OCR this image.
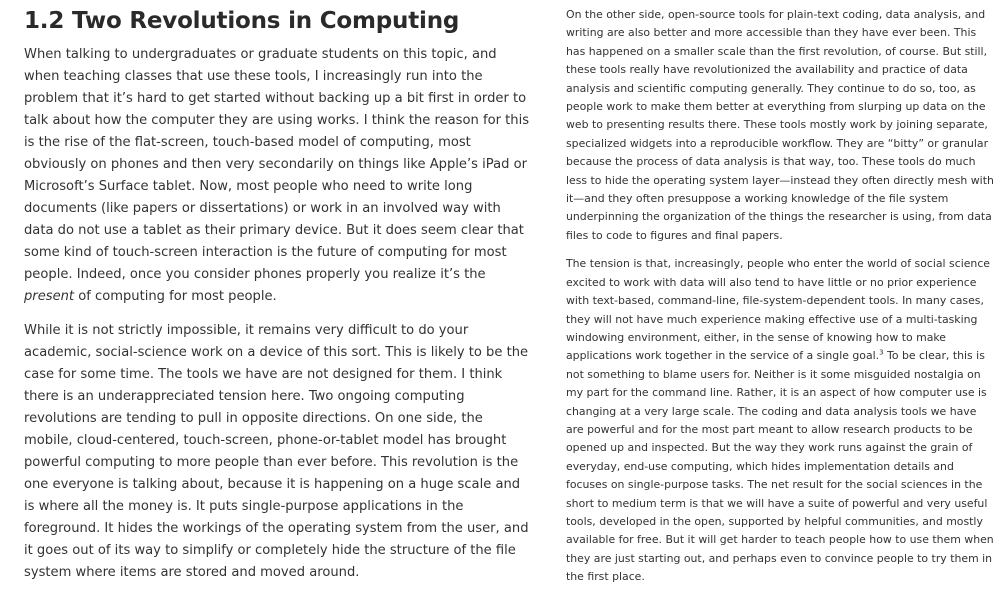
1.2 Two Revolutions in Computing

When talking to undergraduates or graduate students on this topic, and when teaching classes that use these tools, I increasingly run into the problem that it’s hard to get started without backing up a bit first in order to talk about how the computer they are using works. I think the reason for this is the rise of the flat-screen, touch-based model of computing, most obviously on phones and then very secondarily on things like Apple’s iPad or Microsoft’s Surface tablet. Now, most people who need to write long documents (like papers or dissertations) or work in an involved way with data do not use a tablet as their primary device. But it does seem clear that some kind of touch-screen interaction is the future of computing for most people. Indeed, once you consider phones properly you realize it’s the present of computing for most people.

While it is not strictly impossible, it remains very difficult to do your academic, social-science work on a device of this sort. This is likely to be the case for some time. The tools we have are not designed for them. I think there is an underappreciated tension here. Two ongoing computing revolutions are tending to pull in opposite directions. On one side, the mobile, cloud-centered, touch-screen, phone-or-tablet model has brought powerful computing to more people than ever before. This revolution is the one everyone is talking about, because it is happening on a huge scale and is where all the money is. It puts single-purpose applications in the foreground. It hides the workings of the operating system from the user, and it goes out of its way to simplify or completely hide the structure of the file system where items are stored and moved around.

On the other side, open-source tools for plain-text coding, data analysis, and writing are also better and more accessible than they have ever been. This has happened on a smaller scale than the first revolution, of course. But still, these tools really have revolutionized the availability and practice of data analysis and scientific computing generally. They continue to do so, too, as people work to make them better at everything from slurping up data on the web to presenting results there. These tools mostly work by joining separate, specialized widgets into a reproducible workflow. They are “bitty” or granular because the process of data analysis is that way, too. These tools do much less to hide the operating system layer—instead they often directly mesh with it—and they often presuppose a working knowledge of the file system underpinning the organization of the things the researcher is using, from data files to code to figures and final papers.

The tension is that, increasingly, people who enter the world of social science excited to work with data will also tend to have little or no prior experience with text-based, command-line, file-system-dependent tools. In many cases, they will not have much experience making effective use of a multi-tasking windowing environment, either, in the sense of knowing how to make applications work together in the service of a single goal.$^3$ To be clear, this is not something to blame users for. Neither is it some misguided nostalgia on my part for the command line. Rather, it is an aspect of how computer use is changing at a very large scale. The coding and data analysis tools we have are powerful and for the most part meant to allow research products to be opened up and inspected. But the way they work runs against the grain of everyday, end-use computing, which hides implementation details and focuses on single-purpose tasks. The net result for the social sciences in the short to medium term is that we will have a suite of powerful and very useful tools, developed in the open, supported by helpful communities, and mostly available for free. But it will get harder to teach people how to use them when they are just starting out, and perhaps even to convince people to try them in the first place.
